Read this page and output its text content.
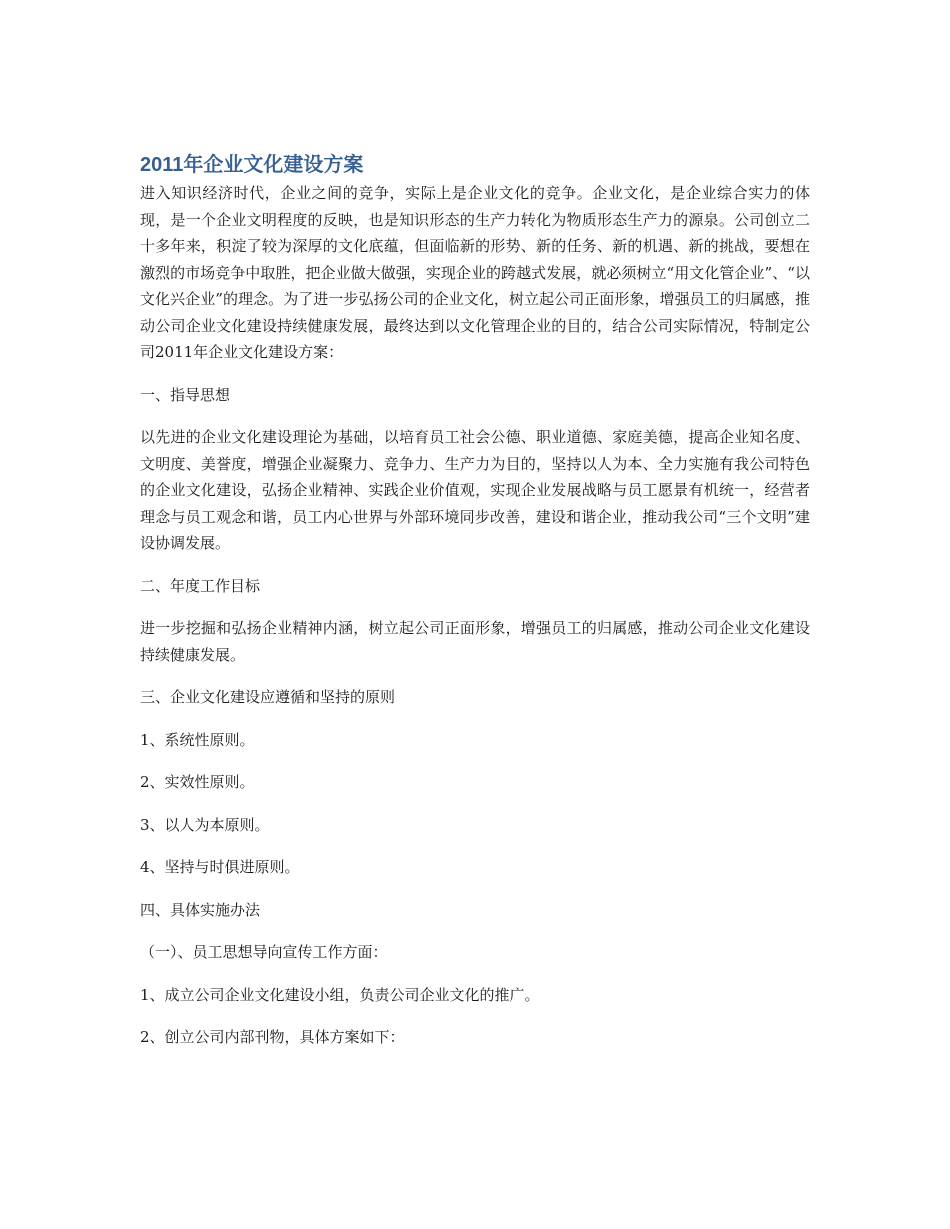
2011年企业文化建设方案

进入知识经济时代，企业之间的竞争，实际上是企业文化的竞争。企业文化，是企业综合实力的体现，是一个企业文明程度的反映，也是知识形态的生产力转化为物质形态生产力的源泉。公司创立二十多年来，积淀了较为深厚的文化底蕴，但面临新的形势、新的任务、新的机遇、新的挑战，要想在激烈的市场竞争中取胜，把企业做大做强，实现企业的跨越式发展，就必须树立“用文化管企业”、“以文化兴企业”的理念。为了进一步弘扬公司的企业文化，树立起公司正面形象，增强员工的归属感，推动公司企业文化建设持续健康发展，最终达到以文化管理企业的目的，结合公司实际情况，特制定公司2011年企业文化建设方案：

一、指导思想

以先进的企业文化建设理论为基础，以培育员工社会公德、职业道德、家庭美德，提高企业知名度、文明度、美誉度，增强企业凝聚力、竞争力、生产力为目的，坚持以人为本、全力实施有我公司特色的企业文化建设，弘扬企业精神、实践企业价值观，实现企业发展战略与员工愿景有机统一，经营者理念与员工观念和谐，员工内心世界与外部环境同步改善，建设和谐企业，推动我公司“三个文明”建设协调发展。

二、年度工作目标

进一步挖掘和弘扬企业精神内涵，树立起公司正面形象，增强员工的归属感，推动公司企业文化建设持续健康发展。

三、企业文化建设应遵循和坚持的原则

1、系统性原则。

2、实效性原则。

3、以人为本原则。

4、坚持与时俱进原则。

四、具体实施办法

（一）、员工思想导向宣传工作方面：

1、成立公司企业文化建设小组，负责公司企业文化的推广。

2、创立公司内部刊物，具体方案如下：
